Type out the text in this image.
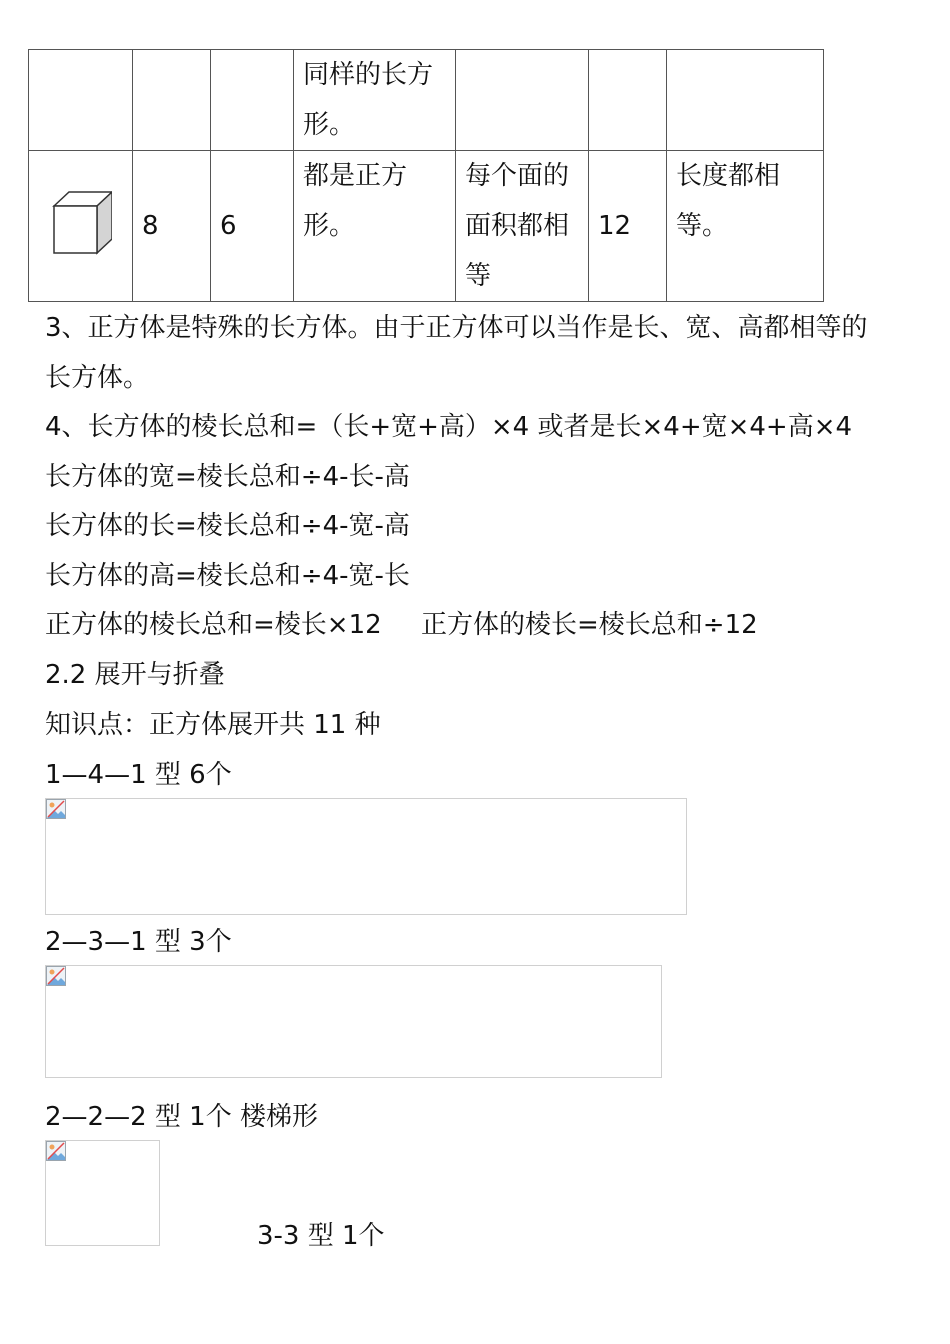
			同样的长方形。			

	8	6	都是正方形。	每个面的面积都相等	12	长度都相等。
3、正方体是特殊的长方体。由于正方体可以当作是长、宽、高都相等的
长方体。
4、长方体的棱长总和=（长+宽+高）×4 或者是长×4+宽×4+高×4
长方体的宽=棱长总和÷4-长-高
长方体的长=棱长总和÷4-宽-高
长方体的高=棱长总和÷4-宽-长
正方体的棱长总和=棱长×12 正方体的棱长=棱长总和÷12
2.2 展开与折叠
知识点：正方体展开共 11 种
1—4—1 型 6个
2—3—1 型 3个
2—2—2 型 1个 楼梯形
3-3 型 1个
